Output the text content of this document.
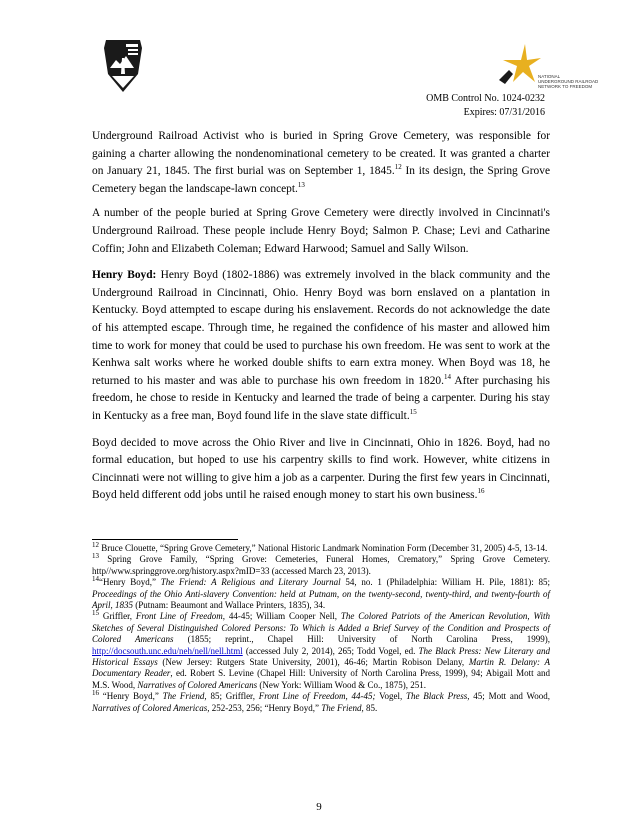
NATIONAL
UNDERGROUND RAILROAD
NETWORK TO FREEDOM
OMB Control No. 1024-0232
Expires: 07/31/2016

Underground Railroad Activist who is buried in Spring Grove Cemetery, was responsible for gaining a charter allowing the nondenominational cemetery to be created. It was granted a charter on January 21, 1845. The first burial was on September 1, 1845.12 In its design, the Spring Grove Cemetery began the landscape-lawn concept.$^{13}$

A number of the people buried at Spring Grove Cemetery were directly involved in Cincinnati's Underground Railroad. These people include Henry Boyd; Salmon P. Chase; Levi and Catharine Coffin; John and Elizabeth Coleman; Edward Harwood; Samuel and Sally Wilson.

Henry Boyd: Henry Boyd (1802-1886) was extremely involved in the black community and the Underground Railroad in Cincinnati, Ohio. Henry Boyd was born enslaved on a plantation in Kentucky. Boyd attempted to escape during his enslavement. Records do not acknowledge the date of his attempted escape. Through time, he regained the confidence of his master and allowed him time to work for money that could be used to purchase his own freedom. He was sent to work at the Kenhwa salt works where he worked double shifts to earn extra money. When Boyd was 18, he returned to his master and was able to purchase his own freedom in 1820.14 After purchasing his freedom, he chose to reside in Kentucky and learned the trade of being a carpenter. During his stay in Kentucky as a free man, Boyd found life in the slave state difficult.$^{15}$

Boyd decided to move across the Ohio River and live in Cincinnati, Ohio in 1826. Boyd, had no formal education, but hoped to use his carpentry skills to find work. However, white citizens in Cincinnati were not willing to give him a job as a carpenter. During the first few years in Cincinnati, Boyd held different odd jobs until he raised enough money to start his own business.$^{16}$

$^{12}$ Bruce Clouette, “Spring Grove Cemetery,” National Historic Landmark Nomination Form (December 31, 2005) 4-5, 13-14.

$^{13}$ Spring Grove Family, “Spring Grove: Cemeteries, Funeral Homes, Crematory,” Spring Grove Cemetery. http//www.springgrove.org/history.aspx?mID=33 (accessed March 23, 2013).

$^{14}$“Henry Boyd,” The Friend: A Religious and Literary Journal 54, no. 1 (Philadelphia: William H. Pile, 1881): 85; Proceedings of the Ohio Anti-slavery Convention: held at Putnam, on the twenty-second, twenty-third, and twenty-fourth of April, 1835 (Putnam: Beaumont and Wallace Printers, 1835), 34.

$^{15}$ Griffler, Front Line of Freedom, 44-45; William Cooper Nell, The Colored Patriots of the American Revolution, With Sketches of Several Distinguished Colored Persons: To Which is Added a Brief Survey of the Condition and Prospects of Colored Americans (1855; reprint., Chapel Hill: University of North Carolina Press, 1999), http://docsouth.unc.edu/neh/nell/nell.html (accessed July 2, 2014), 265; Todd Vogel, ed. The Black Press: New Literary and Historical Essays (New Jersey: Rutgers State University, 2001), 46-46; Martin Robison Delany, Martin R. Delany: A Documentary Reader, ed. Robert S. Levine (Chapel Hill: University of North Carolina Press, 1999), 94; Abigail Mott and M.S. Wood, Narratives of Colored Americans (New York: William Wood & Co., 1875), 251.

$^{16}$ “Henry Boyd,” The Friend, 85; Griffler, Front Line of Freedom, 44-45; Vogel, The Black Press, 45; Mott and Wood, Narratives of Colored Americas, 252-253, 256; “Henry Boyd,” The Friend, 85.

9
